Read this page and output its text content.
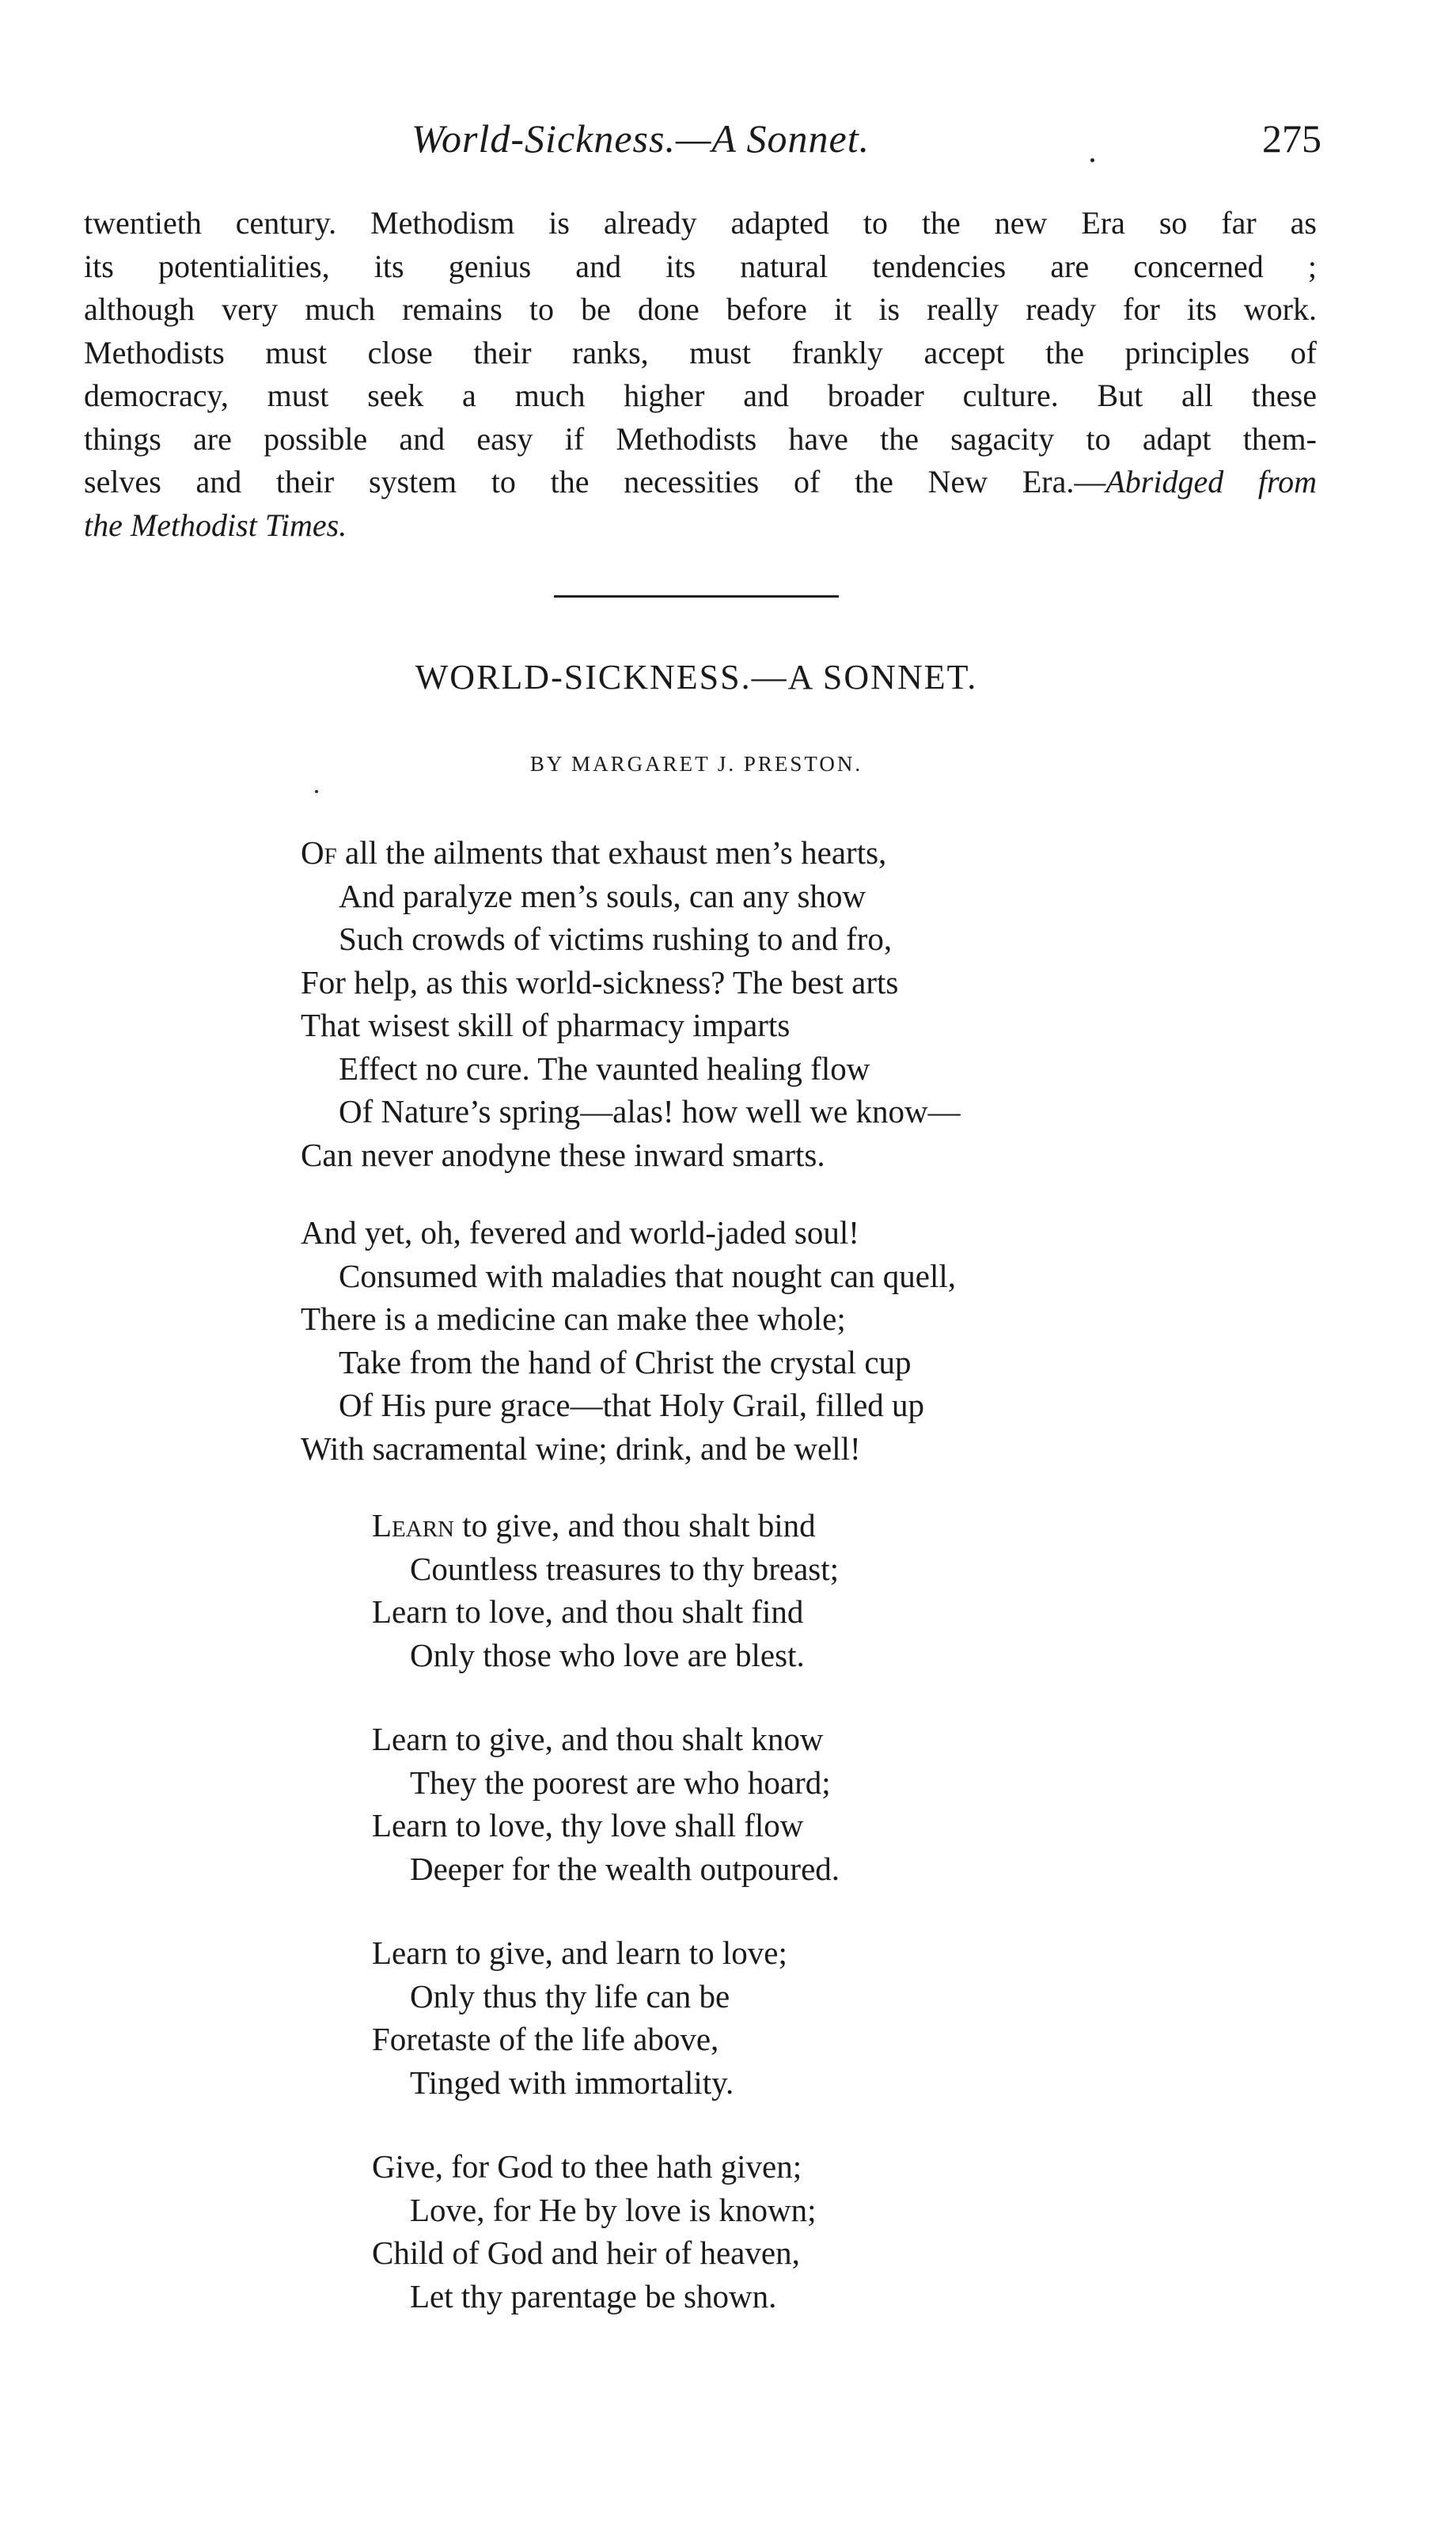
World-Sickness.—A Sonnet.	275
twentieth century. Methodism is already adapted to the new Era so far as
its potentialities, its genius and its natural tendencies are concerned ;
although very much remains to be done before it is really ready for its work.
Methodists must close their ranks, must frankly accept the principles of
democracy, must seek a much higher and broader culture. But all these
things are possible and easy if Methodists have the sagacity to adapt them-
selves and their system to the necessities of the New Era.—Abridged from
the Methodist Times.
WORLD-SICKNESS.—A SONNET.
BY MARGARET J. PRESTON.
Of all the ailments that exhaust men’s hearts,
And paralyze men’s souls, can any show
Such crowds of victims rushing to and fro,
For help, as this world-sickness? The best arts
That wisest skill of pharmacy imparts
Effect no cure. The vaunted healing flow
Of Nature’s spring—alas! how well we know—
Can never anodyne these inward smarts.
And yet, oh, fevered and world-jaded soul!
Consumed with maladies that nought can quell,
There is a medicine can make thee whole;
Take from the hand of Christ the crystal cup
Of His pure grace—that Holy Grail, filled up
With sacramental wine; drink, and be well!
Learn to give, and thou shalt bind
Countless treasures to thy breast;
Learn to love, and thou shalt find
Only those who love are blest.
Learn to give, and thou shalt know
They the poorest are who hoard;
Learn to love, thy love shall flow
Deeper for the wealth outpoured.
Learn to give, and learn to love;
Only thus thy life can be
Foretaste of the life above,
Tinged with immortality.
Give, for God to thee hath given;
Love, for He by love is known;
Child of God and heir of heaven,
Let thy parentage be shown.
